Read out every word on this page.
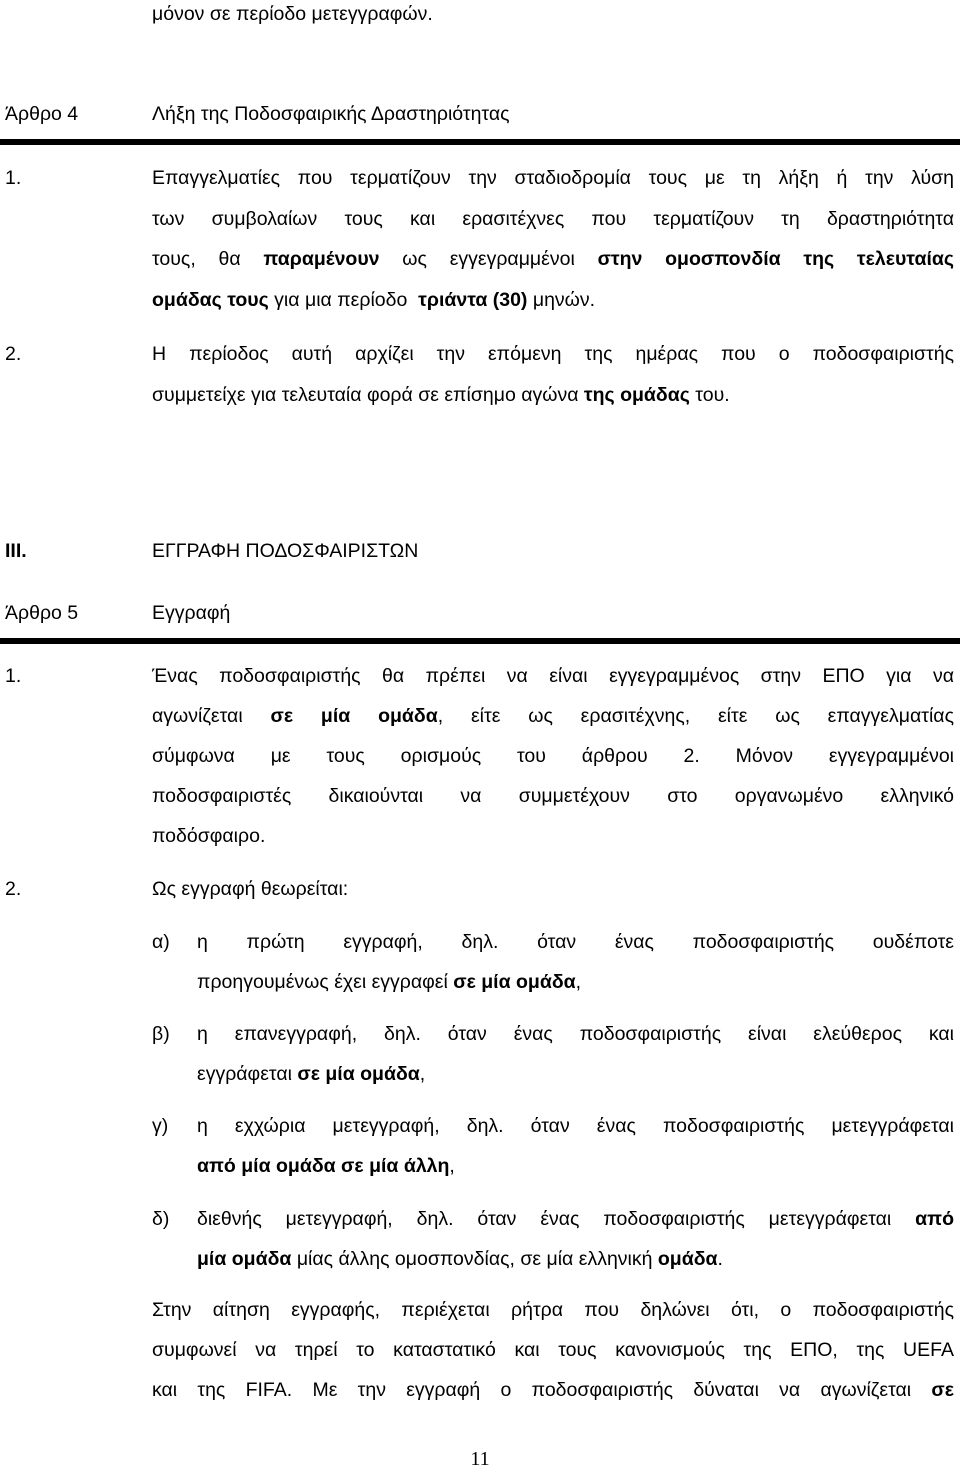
μόνον σε περίοδο μετεγγραφών.
Άρθρο 4	Λήξη της Ποδοσφαιρικής Δραστηριότητας
1.	Επαγγελματίες που τερματίζουν την σταδιοδρομία τους με τη λήξη ή την λύση
των συμβολαίων τους και ερασιτέχνες που τερματίζουν τη δραστηριότητα
τους, θα παραμένουν ως εγγεγραμμένοι στην ομοσπονδία της τελευταίας
ομάδας τους για μια περίοδο  τριάντα (30) μηνών.
2.	Η περίοδος αυτή αρχίζει την επόμενη της ημέρας που ο ποδοσφαιριστής
συμμετείχε για τελευταία φορά σε επίσημο αγώνα της ομάδας του.
III.	ΕΓΓΡΑΦΗ ΠΟΔΟΣΦΑΙΡΙΣΤΩΝ
Άρθρο 5	Εγγραφή
1.	Ένας ποδοσφαιριστής θα πρέπει να είναι εγγεγραμμένος στην ΕΠΟ για να
αγωνίζεται σε μία ομάδα, είτε ως ερασιτέχνης, είτε ως επαγγελματίας
σύμφωνα με τους ορισμούς του άρθρου 2. Μόνον εγγεγραμμένοι
ποδοσφαιριστές δικαιούνται να συμμετέχουν στο οργανωμένο ελληνικό
ποδόσφαιρο.
2.	Ως εγγραφή θεωρείται:
α) η πρώτη εγγραφή, δηλ. όταν ένας ποδοσφαιριστής ουδέποτε
προηγουμένως έχει εγγραφεί σε μία ομάδα,
β) η επανεγγραφή, δηλ. όταν ένας ποδοσφαιριστής είναι ελεύθερος και
εγγράφεται σε μία ομάδα,
γ) η εχχώρια μετεγγραφή, δηλ. όταν ένας ποδοσφαιριστής μετεγγράφεται
από μία ομάδα σε μία άλλη,
δ) διεθνής μετεγγραφή, δηλ. όταν ένας ποδοσφαιριστής μετεγγράφεται από
μία ομάδα μίας άλλης ομοσπονδίας, σε μία ελληνική ομάδα.
Στην αίτηση εγγραφής, περιέχεται ρήτρα που δηλώνει ότι, ο ποδοσφαιριστής
συμφωνεί να τηρεί το καταστατικό και τους κανονισμούς της ΕΠΟ, της UEFA
και της FIFA. Με την εγγραφή ο ποδοσφαιριστής δύναται να αγωνίζεται σε
11
